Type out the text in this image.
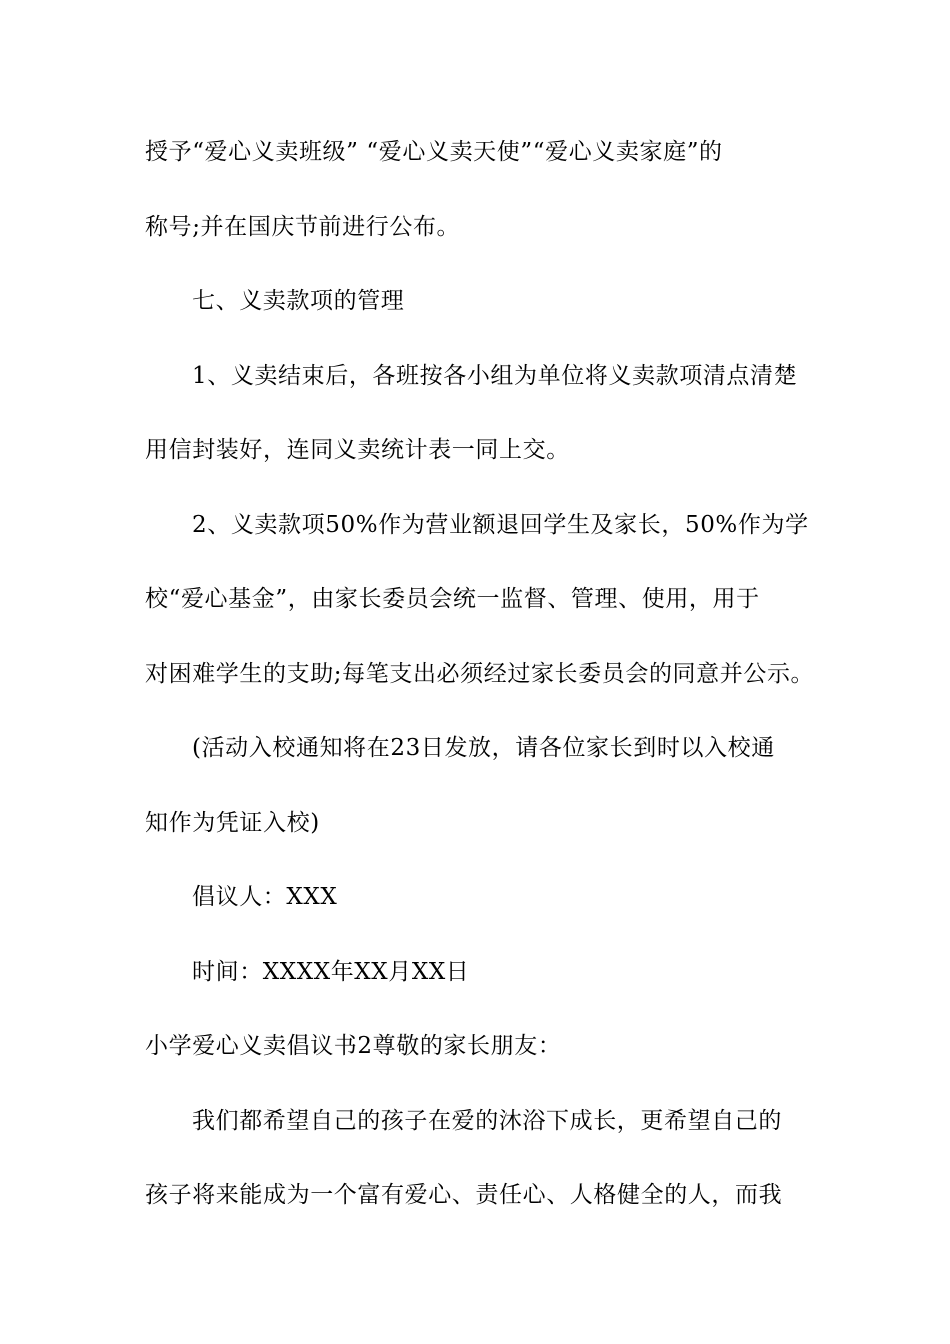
授予“爱心义卖班级” “爱心义卖天使”“爱心义卖家庭”的
称号;并在国庆节前进行公布。
七、义卖款项的管理
1、义卖结束后，各班按各小组为单位将义卖款项清点清楚
用信封装好，连同义卖统计表一同上交。
2、义卖款项50%作为营业额退回学生及家长，50%作为学
校“爱心基金”，由家长委员会统一监督、管理、使用，用于
对困难学生的支助;每笔支出必须经过家长委员会的同意并公示。
(活动入校通知将在23日发放，请各位家长到时以入校通
知作为凭证入校)
倡议人：XXX
时间：XXXX年XX月XX日
小学爱心义卖倡议书2尊敬的家长朋友：
我们都希望自己的孩子在爱的沐浴下成长，更希望自己的
孩子将来能成为一个富有爱心、责任心、人格健全的人，而我
